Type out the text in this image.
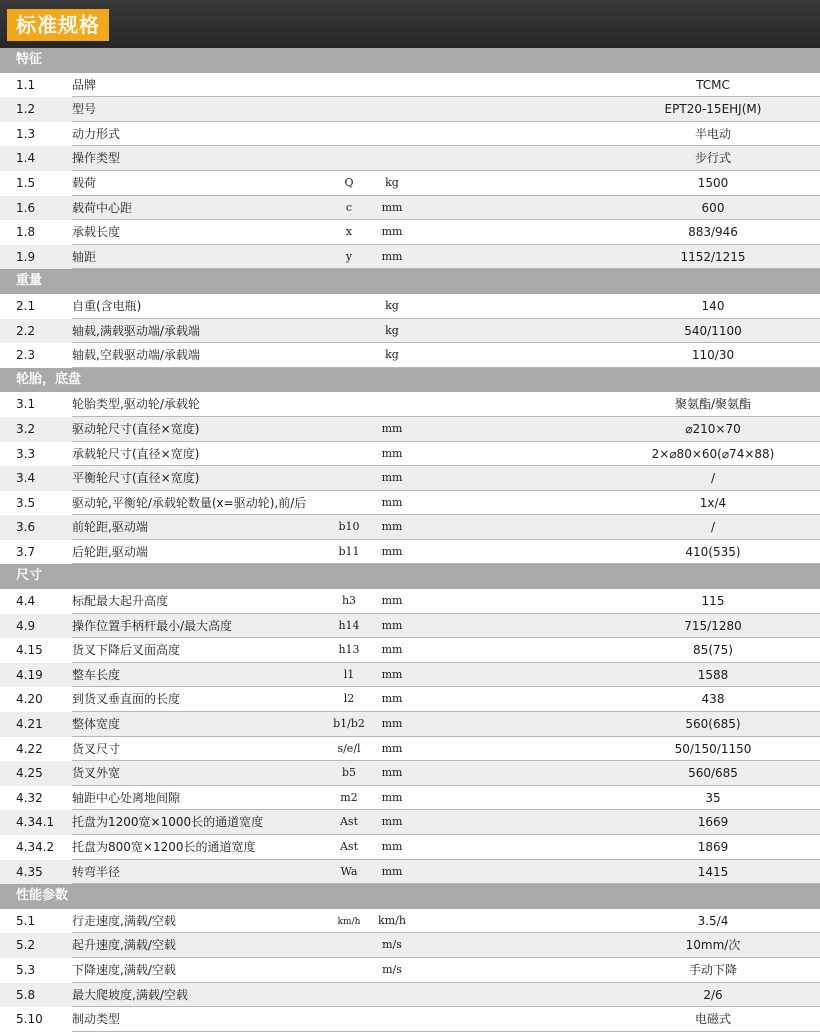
标准规格
特征
1.1	品牌	TCMC
1.2	型号	EPT20-15EHJ(M)
1.3	动力形式	半电动
1.4	操作类型	步行式
1.5	载荷	Q	kg	1500
1.6	载荷中心距	c	mm	600
1.8	承载长度	x	mm	883/946
1.9	轴距	y	mm	1152/1215
重量
2.1	自重(含电瓶)	kg	140
2.2	轴载,满载驱动端/承载端	kg	540/1100
2.3	轴载,空载驱动端/承载端	kg	110/30
轮胎，底盘
3.1	轮胎类型,驱动轮/承载轮	聚氨酯/聚氨酯
3.2	驱动轮尺寸(直径×宽度)	mm	⌀210×70
3.3	承载轮尺寸(直径×宽度)	mm	2×⌀80×60(⌀74×88)
3.4	平衡轮尺寸(直径×宽度)	mm	/
3.5	驱动轮,平衡轮/承载轮数量(x=驱动轮),前/后	mm	1x/4
3.6	前轮距,驱动端	b10 mm	/
3.7	后轮距,驱动端	b11 mm	410(535)
尺寸
4.4	标配最大起升高度	h3 mm	115
4.9	操作位置手柄杆最小/最大高度	h14 mm	715/1280
4.15 货叉下降后叉面高度	h13 mm	85(75)
4.19 整车长度	l1 mm	1588
4.20 到货叉垂直面的长度	l2 mm	438
4.21 整体宽度	b1/b2 mm	560(685)
4.22 货叉尺寸	s/e/l mm	50/150/1150
4.25 货叉外宽	b5 mm	560/685
4.32 轴距中心处离地间隙	m2 mm	35
4.34.1 托盘为1200宽×1000长的通道宽度	Ast mm	1669
4.34.2 托盘为800宽×1200长的通道宽度	Ast mm	1869
4.35 转弯半径	Wa mm	1415
性能参数
5.1	行走速度,满载/空载	km/h km/h	3.5/4
5.2	起升速度,满载/空载	m/s	10mm/次
5.3	下降速度,满载/空载	m/s	手动下降
5.8	最大爬坡度,满载/空载	2/6
5.10 制动类型	电磁式
